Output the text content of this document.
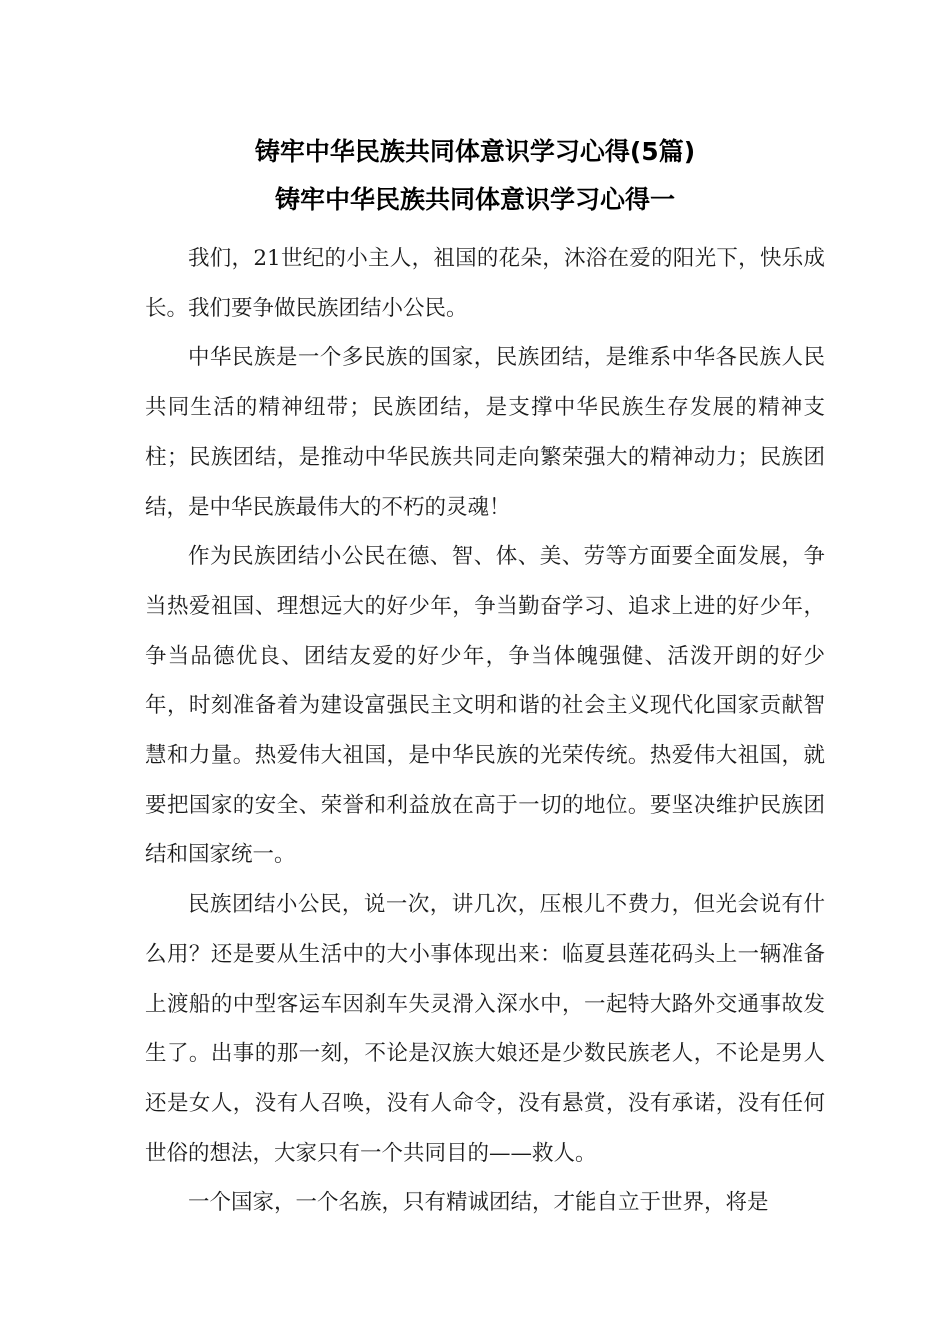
铸牢中华民族共同体意识学习心得(5篇)
铸牢中华民族共同体意识学习心得一

我们，21世纪的小主人，祖国的花朵，沐浴在爱的阳光下，快乐成长。我们要争做民族团结小公民。

中华民族是一个多民族的国家，民族团结，是维系中华各民族人民共同生活的精神纽带；民族团结，是支撑中华民族生存发展的精神支柱；民族团结，是推动中华民族共同走向繁荣强大的精神动力；民族团结，是中华民族最伟大的不朽的灵魂！

作为民族团结小公民在德、智、体、美、劳等方面要全面发展，争当热爱祖国、理想远大的好少年，争当勤奋学习、追求上进的好少年，争当品德优良、团结友爱的好少年，争当体魄强健、活泼开朗的好少年，时刻准备着为建设富强民主文明和谐的社会主义现代化国家贡献智慧和力量。热爱伟大祖国，是中华民族的光荣传统。热爱伟大祖国，就要把国家的安全、荣誉和利益放在高于一切的地位。要坚决维护民族团结和国家统一。

民族团结小公民，说一次，讲几次，压根儿不费力，但光会说有什么用？还是要从生活中的大小事体现出来：临夏县莲花码头上一辆准备上渡船的中型客运车因刹车失灵滑入深水中，一起特大路外交通事故发生了。出事的那一刻，不论是汉族大娘还是少数民族老人，不论是男人还是女人，没有人召唤，没有人命令，没有悬赏，没有承诺，没有任何世俗的想法，大家只有一个共同目的——救人。

一个国家，一个名族，只有精诚团结，才能自立于世界，将是
